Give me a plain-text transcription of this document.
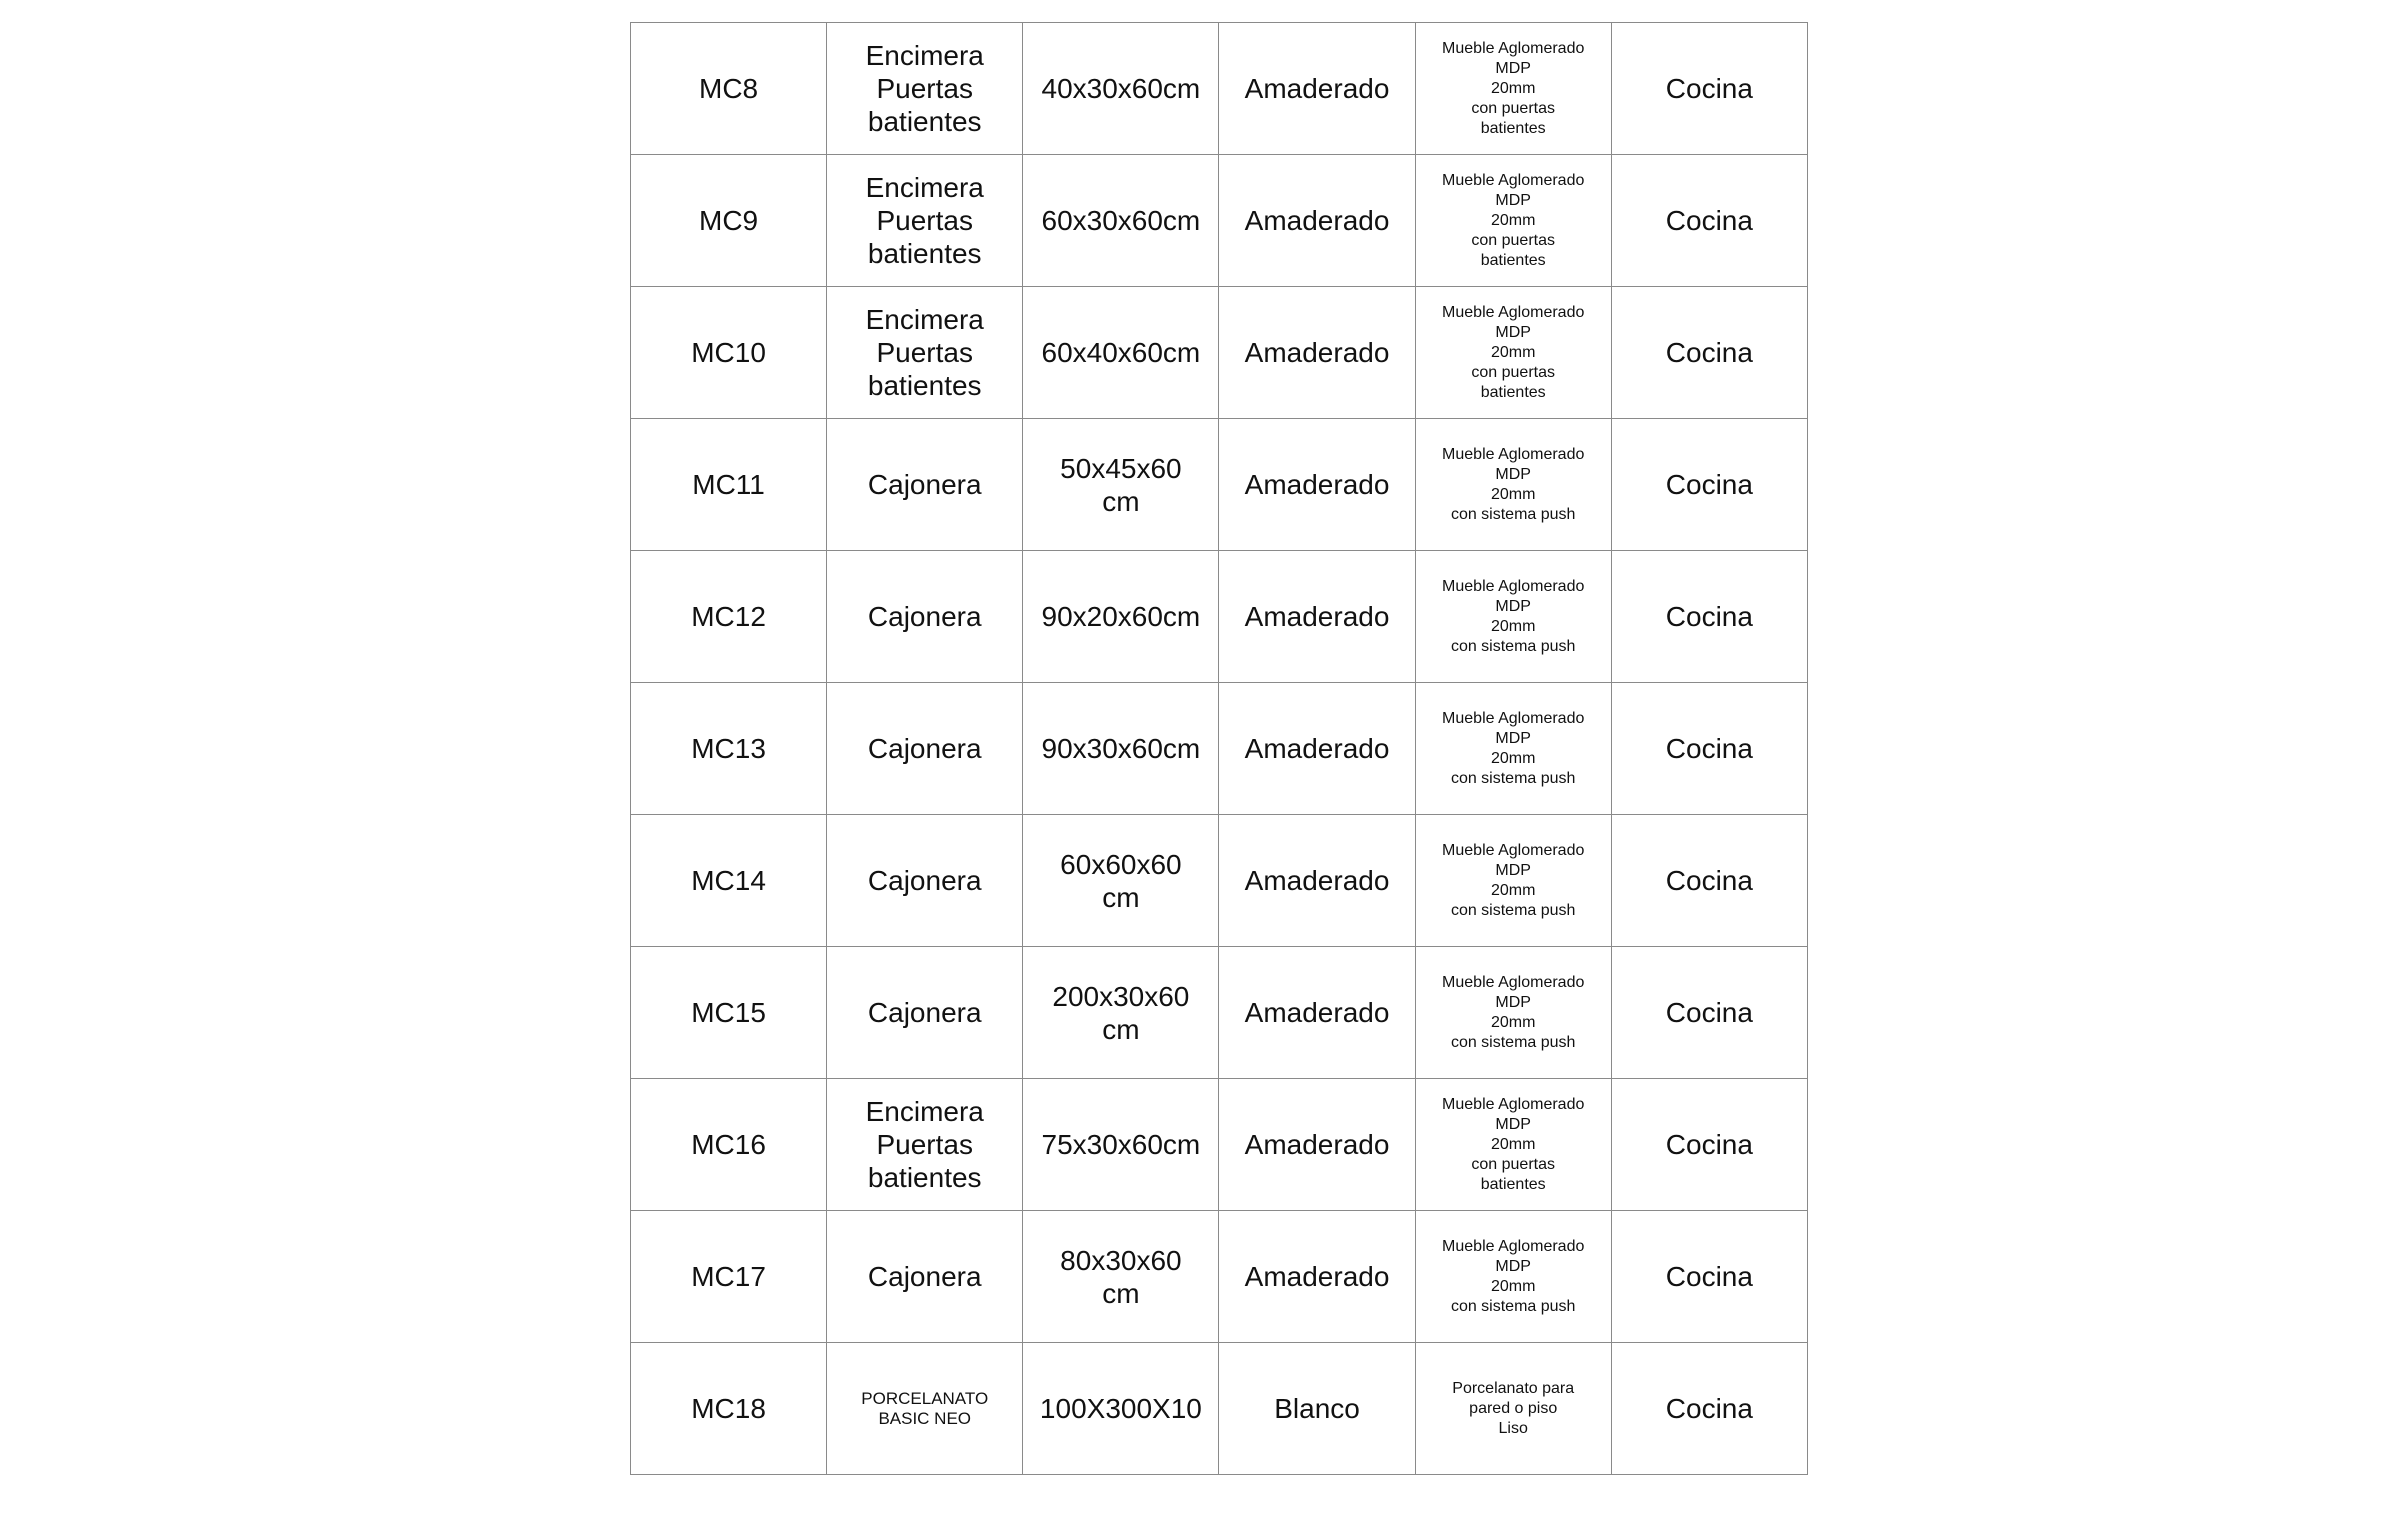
MC8	Encimera
Puertas
batientes	40x30x60cm	Amaderado	Mueble Aglomerado
MDP
20mm
con puertas
batientes	Cocina
MC9	Encimera
Puertas
batientes	60x30x60cm	Amaderado	Mueble Aglomerado
MDP
20mm
con puertas
batientes	Cocina
MC10	Encimera
Puertas
batientes	60x40x60cm	Amaderado	Mueble Aglomerado
MDP
20mm
con puertas
batientes	Cocina
MC11	Cajonera	50x45x60
cm	Amaderado	Mueble Aglomerado
MDP
20mm
con sistema push	Cocina
MC12	Cajonera	90x20x60cm	Amaderado	Mueble Aglomerado
MDP
20mm
con sistema push	Cocina
MC13	Cajonera	90x30x60cm	Amaderado	Mueble Aglomerado
MDP
20mm
con sistema push	Cocina
MC14	Cajonera	60x60x60
cm	Amaderado	Mueble Aglomerado
MDP
20mm
con sistema push	Cocina
MC15	Cajonera	200x30x60
cm	Amaderado	Mueble Aglomerado
MDP
20mm
con sistema push	Cocina
MC16	Encimera
Puertas
batientes	75x30x60cm	Amaderado	Mueble Aglomerado
MDP
20mm
con puertas
batientes	Cocina
MC17	Cajonera	80x30x60
cm	Amaderado	Mueble Aglomerado
MDP
20mm
con sistema push	Cocina
MC18	PORCELANATO
BASIC NEO	100X300X10	Blanco	Porcelanato para
pared o piso
Liso	Cocina
